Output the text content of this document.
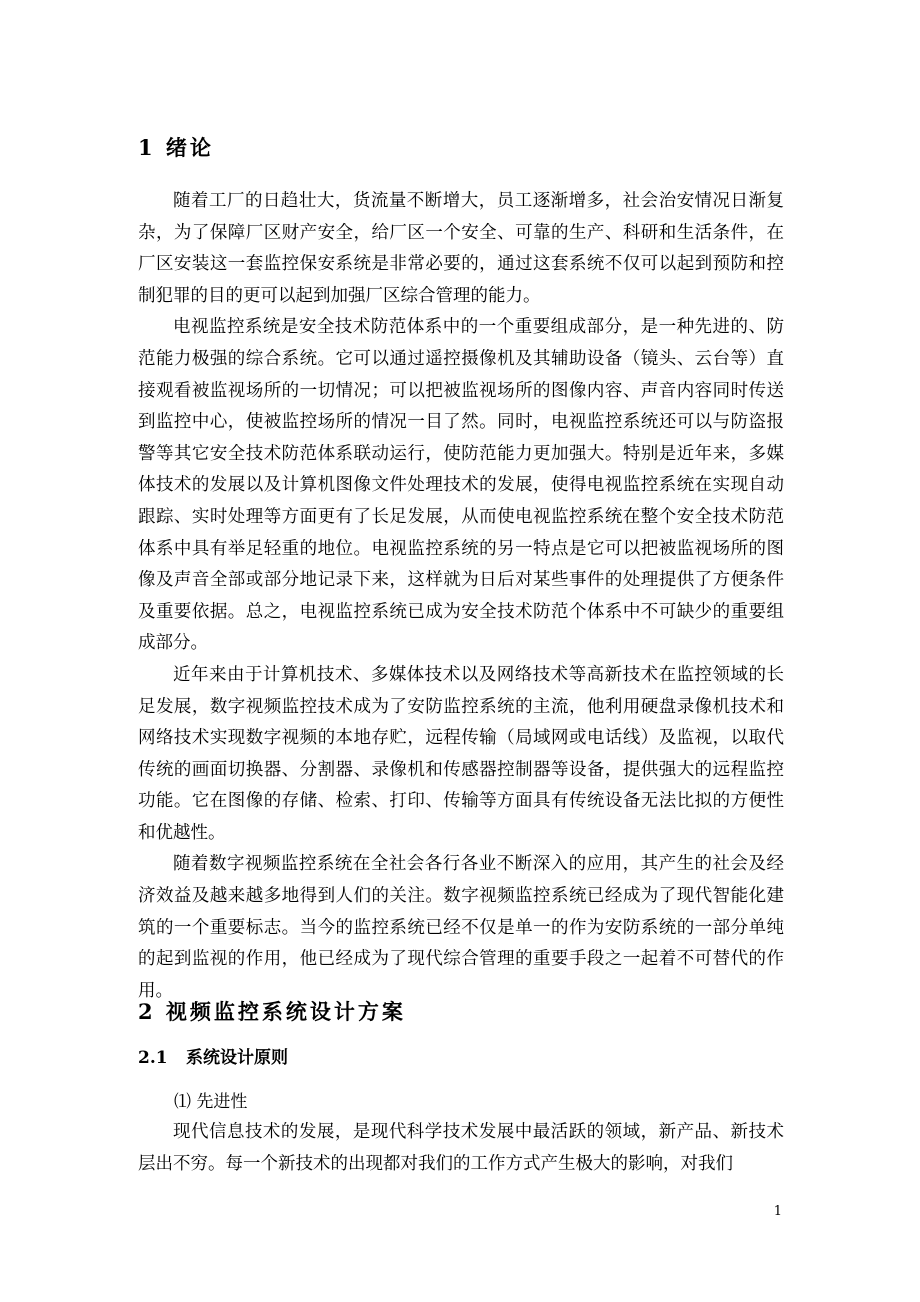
1 绪论

随着工厂的日趋壮大，货流量不断增大，员工逐渐增多，社会治安情况日渐复杂，为了保障厂区财产安全，给厂区一个安全、可靠的生产、科研和生活条件，在厂区安装这一套监控保安系统是非常必要的，通过这套系统不仅可以起到预防和控制犯罪的目的更可以起到加强厂区综合管理的能力。

电视监控系统是安全技术防范体系中的一个重要组成部分，是一种先进的、防范能力极强的综合系统。它可以通过遥控摄像机及其辅助设备（镜头、云台等）直接观看被监视场所的一切情况；可以把被监视场所的图像内容、声音内容同时传送到监控中心，使被监控场所的情况一目了然。同时，电视监控系统还可以与防盗报警等其它安全技术防范体系联动运行，使防范能力更加强大。特别是近年来，多媒体技术的发展以及计算机图像文件处理技术的发展，使得电视监控系统在实现自动跟踪、实时处理等方面更有了长足发展，从而使电视监控系统在整个安全技术防范体系中具有举足轻重的地位。电视监控系统的另一特点是它可以把被监视场所的图像及声音全部或部分地记录下来，这样就为日后对某些事件的处理提供了方便条件及重要依据。总之，电视监控系统已成为安全技术防范个体系中不可缺少的重要组成部分。

近年来由于计算机技术、多媒体技术以及网络技术等高新技术在监控领域的长足发展，数字视频监控技术成为了安防监控系统的主流，他利用硬盘录像机技术和网络技术实现数字视频的本地存贮，远程传输（局域网或电话线）及监视，以取代传统的画面切换器、分割器、录像机和传感器控制器等设备，提供强大的远程监控功能。它在图像的存储、检索、打印、传输等方面具有传统设备无法比拟的方便性和优越性。

随着数字视频监控系统在全社会各行各业不断深入的应用，其产生的社会及经济效益及越来越多地得到人们的关注。数字视频监控系统已经成为了现代智能化建筑的一个重要标志。当今的监控系统已经不仅是单一的作为安防系统的一部分单纯的起到监视的作用，他已经成为了现代综合管理的重要手段之一起着不可替代的作用。

2 视频监控系统设计方案
2.1 系统设计原则
⑴ 先进性

现代信息技术的发展，是现代科学技术发展中最活跃的领域，新产品、新技术层出不穷。每一个新技术的出现都对我们的工作方式产生极大的影响，对我们

1
